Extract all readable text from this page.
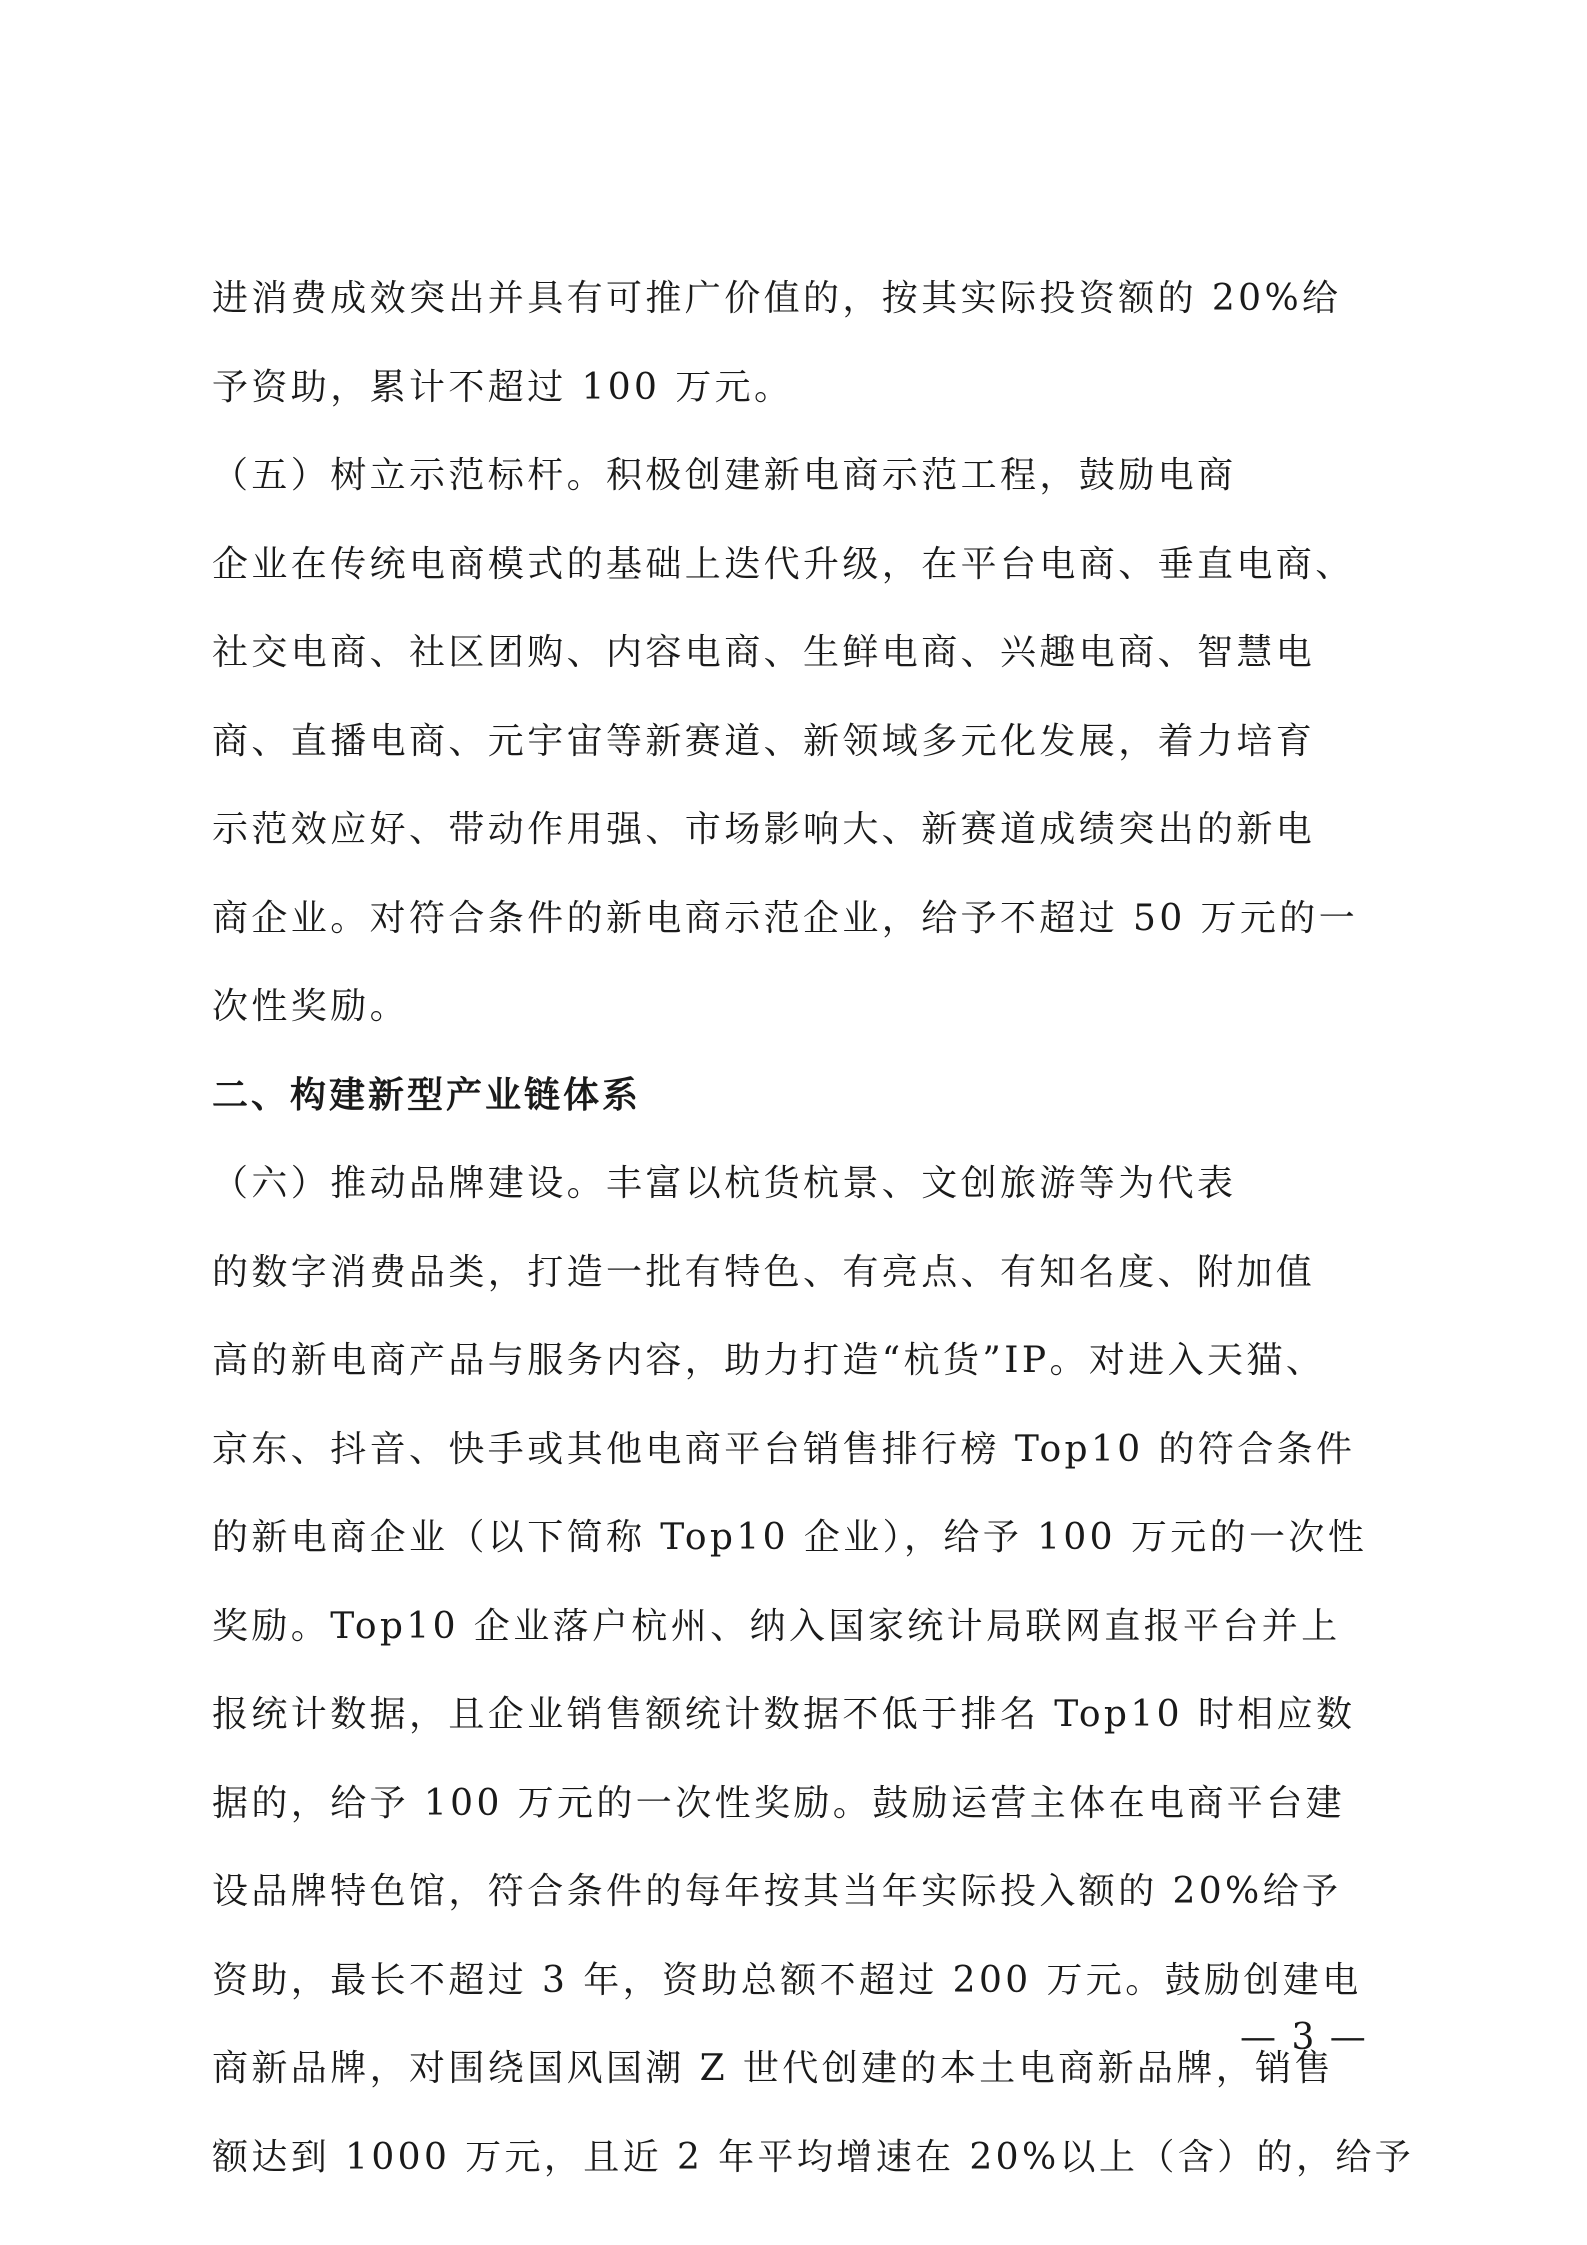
进消费成效突出并具有可推广价值的，按其实际投资额的 20%给
予资助，累计不超过 100 万元。
（五）树立示范标杆。积极创建新电商示范工程，鼓励电商
企业在传统电商模式的基础上迭代升级，在平台电商、垂直电商、
社交电商、社区团购、内容电商、生鲜电商、兴趣电商、智慧电
商、直播电商、元宇宙等新赛道、新领域多元化发展，着力培育
示范效应好、带动作用强、市场影响大、新赛道成绩突出的新电
商企业。对符合条件的新电商示范企业，给予不超过 50 万元的一
次性奖励。
二、构建新型产业链体系
（六）推动品牌建设。丰富以杭货杭景、文创旅游等为代表
的数字消费品类，打造一批有特色、有亮点、有知名度、附加值
高的新电商产品与服务内容，助力打造“杭货”IP。对进入天猫、
京东、抖音、快手或其他电商平台销售排行榜 Top10 的符合条件
的新电商企业（以下简称 Top10 企业），给予 100 万元的一次性
奖励。Top10 企业落户杭州、纳入国家统计局联网直报平台并上
报统计数据，且企业销售额统计数据不低于排名 Top10 时相应数
据的，给予 100 万元的一次性奖励。鼓励运营主体在电商平台建
设品牌特色馆，符合条件的每年按其当年实际投入额的 20%给予
资助，最长不超过 3 年，资助总额不超过 200 万元。鼓励创建电
商新品牌，对围绕国风国潮 Z 世代创建的本土电商新品牌，销售
额达到 1000 万元，且近 2 年平均增速在 20%以上（含）的，给予
— 3 —
